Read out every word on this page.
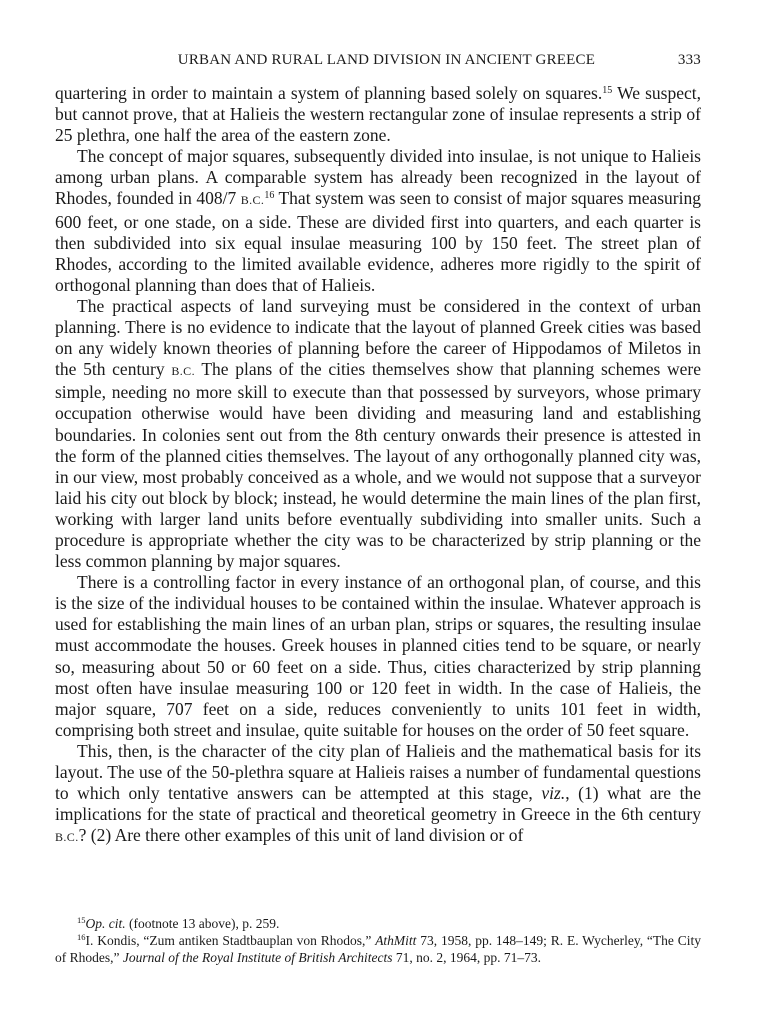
URBAN AND RURAL LAND DIVISION IN ANCIENT GREECE	333

quartering in order to maintain a system of planning based solely on squares.$^{15}$ We suspect, but cannot prove, that at Halieis the western rectangular zone of insulae represents a strip of 25 plethra, one half the area of the eastern zone.

The concept of major squares, subsequently divided into insulae, is not unique to Halieis among urban plans. A comparable system has already been recognized in the layout of Rhodes, founded in 408/7 B.C.$^{16}$ That system was seen to consist of major squares measuring 600 feet, or one stade, on a side. These are divided first into quarters, and each quarter is then subdivided into six equal insulae measuring 100 by 150 feet. The street plan of Rhodes, according to the limited available evidence, adheres more rigidly to the spirit of orthogonal planning than does that of Halieis.

The practical aspects of land surveying must be considered in the context of urban planning. There is no evidence to indicate that the layout of planned Greek cities was based on any widely known theories of planning before the career of Hippodamos of Miletos in the 5th century B.C. The plans of the cities themselves show that planning schemes were simple, needing no more skill to execute than that possessed by surveyors, whose primary occupation otherwise would have been dividing and measuring land and establishing boundaries. In colonies sent out from the 8th century onwards their presence is attested in the form of the planned cities themselves. The layout of any orthogonally planned city was, in our view, most probably conceived as a whole, and we would not suppose that a surveyor laid his city out block by block; instead, he would determine the main lines of the plan first, working with larger land units before eventually subdividing into smaller units. Such a procedure is appropriate whether the city was to be characterized by strip planning or the less common planning by major squares.

There is a controlling factor in every instance of an orthogonal plan, of course, and this is the size of the individual houses to be contained within the insulae. Whatever approach is used for establishing the main lines of an urban plan, strips or squares, the resulting insulae must accommodate the houses. Greek houses in planned cities tend to be square, or nearly so, measuring about 50 or 60 feet on a side. Thus, cities characterized by strip planning most often have insulae measuring 100 or 120 feet in width. In the case of Halieis, the major square, 707 feet on a side, reduces conveniently to units 101 feet in width, comprising both street and insulae, quite suitable for houses on the order of 50 feet square.

This, then, is the character of the city plan of Halieis and the mathematical basis for its layout. The use of the 50-plethra square at Halieis raises a number of fundamental questions to which only tentative answers can be attempted at this stage, viz., (1) what are the implications for the state of practical and theoretical geometry in Greece in the 6th century B.C.? (2) Are there other examples of this unit of land division or of

$^{15}$Op. cit. (footnote 13 above), p. 259.

$^{16}$I. Kondis, “Zum antiken Stadtbauplan von Rhodos,” AthMitt 73, 1958, pp. 148–149; R. E. Wycherley, “The City of Rhodes,” Journal of the Royal Institute of British Architects 71, no. 2, 1964, pp. 71–73.
